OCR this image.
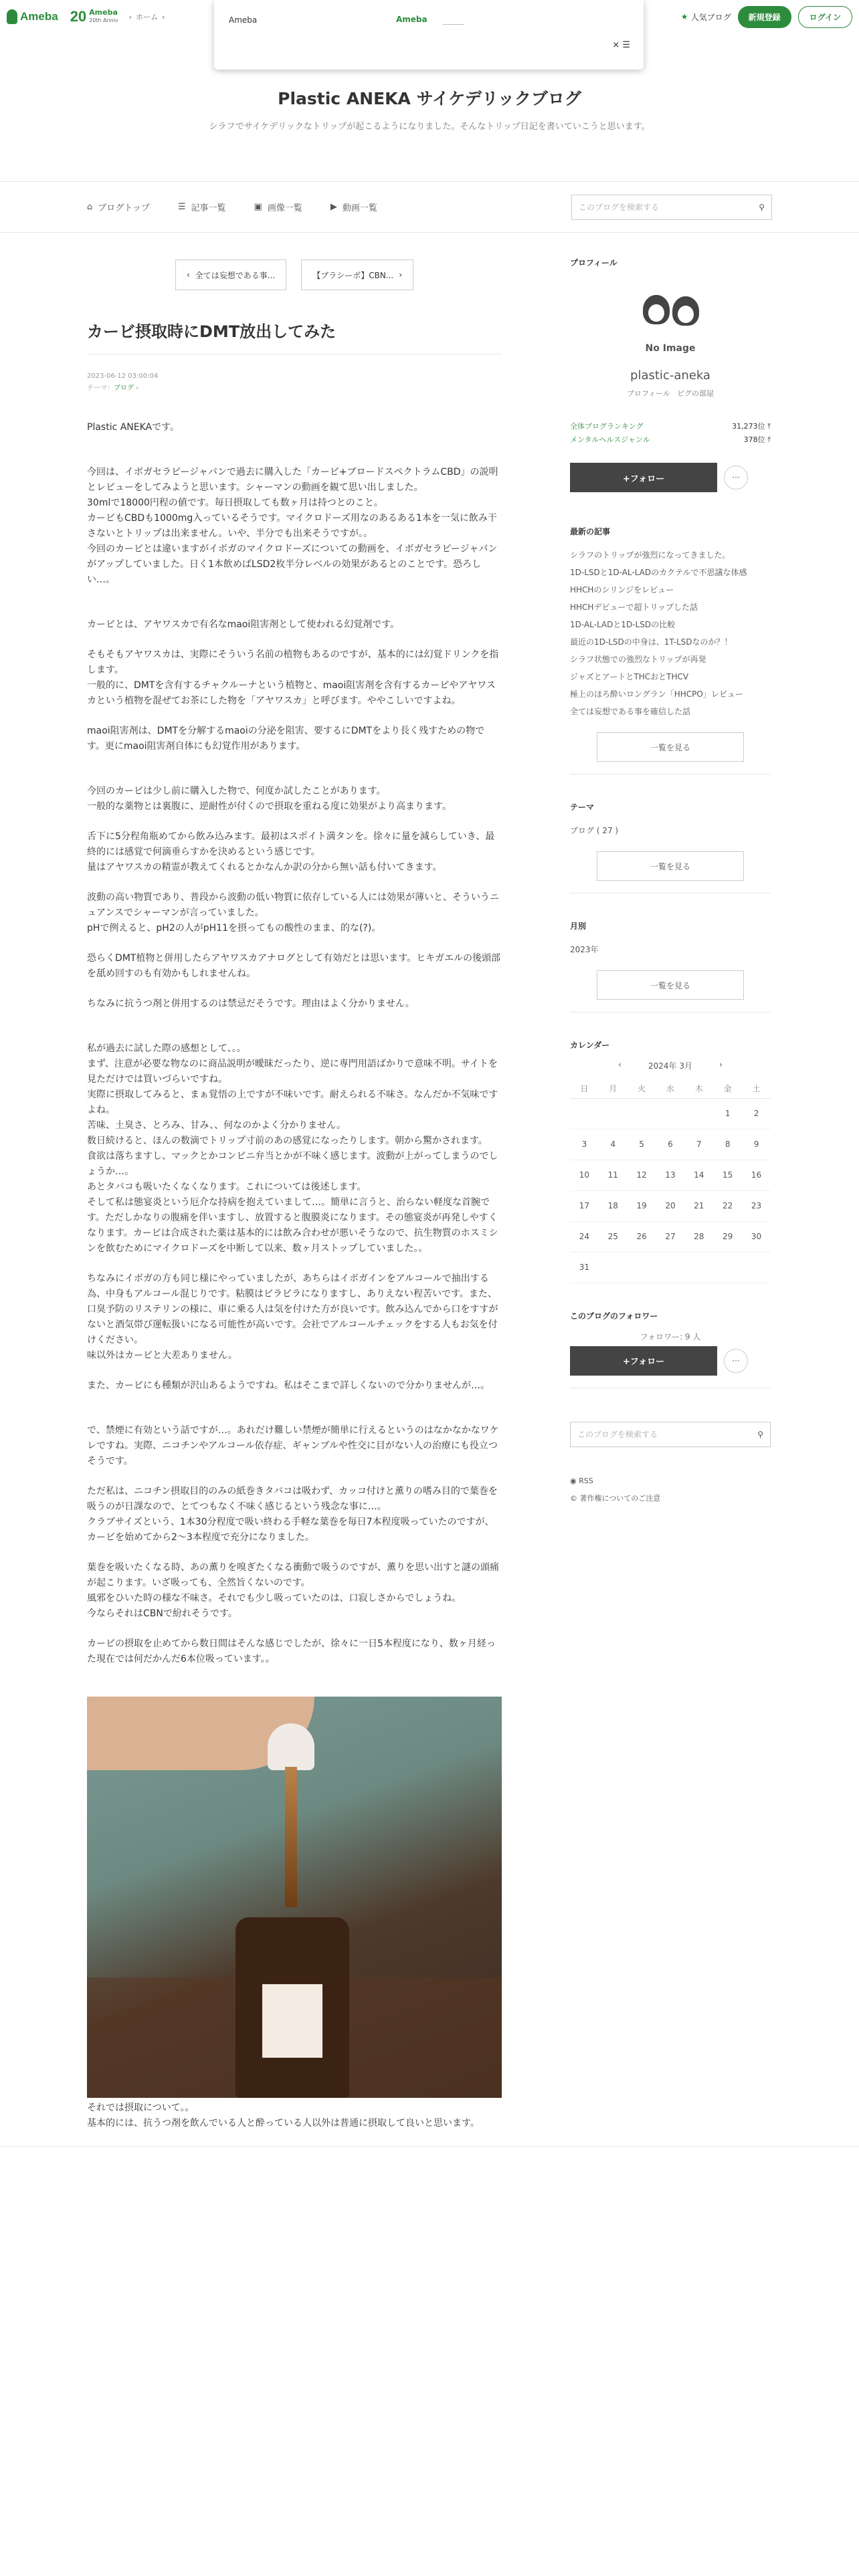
Ameba 20 Ameba
20th Anniv › ホーム ›	★ 人気ブログ	新規登録	ログイン
Ameba	Ameba
× ☰
Plastic ANEKA サイケデリックブログ

シラフでサイケデリックなトリップが起こるようになりました。そんなトリップ日記を書いていこうと思います。

⌂ ブログトップ	☰ 記事一覧	▣ 画像一覧	▶ 動画一覧	このブログを検索する	⚲
‹ 全ては妄想である事...	【ブラシーボ】CBN... ›
カービ摂取時にDMT放出してみた
2023-06-12 03:00:04
テーマ：ブログ ›

Plastic ANEKAです。

今回は、イボガセラピージャパンで過去に購入した「カービ+ブロードスペクトラムCBD」の説明とレビューをしてみようと思います。シャーマンの動画を観て思い出しました。
30mlで18000円程の値です。毎日摂取しても数ヶ月は持つとのこと。
カービもCBDも1000mg入っているそうです。マイクロドーズ用なのあるある1本を一気に飲み干さないとトリップは出来ません。いや、半分でも出来そうですが。。
今回のカービとは違いますがイボガのマイクロドーズについての動画を、イボガセラピージャパンがアップしていました。日く1本飲めばLSD2枚半分レベルの効果があるとのことです。恐ろしい…。

カービとは、アヤワスカで有名なmaoi阻害剤として使われる幻覚剤です。

そもそもアヤワスカは、実際にそういう名前の植物もあるのですが、基本的には幻覚ドリンクを指します。
一般的に、DMTを含有するチャクルーナという植物と、maoi阻害剤を含有するカーピやアヤワスカという植物を混ぜてお茶にした物を「アヤワスカ」と呼びます。ややこしいですよね。

maoi阻害剤は、DMTを分解するmaoiの分泌を阻害、要するにDMTをより長く残すための物です。更にmaoi阻害剤自体にも幻覚作用があります。

今回のカービは少し前に購入した物で、何度か試したことがあります。
一般的な薬物とは裏腹に、逆耐性が付くので摂取を重ねる度に効果がより高まります。

舌下に5分程角瓶めてから飲み込みます。最初はスポイト満タンを。徐々に量を減らしていき、最終的には感覚で何滴垂らすかを決めるという感じです。
量はアヤワスカの精霊が教えてくれるとかなんか訳の分から無い話も付いてきます。

波動の高い物質であり、普段から波動の低い物質に依存している人には効果が薄いと、そういうニュアンスでシャーマンが言っていました。
pHで例えると、pH2の人がpH11を摂ってもの酸性のまま、的な(?)。

恐らくDMT植物と併用したらアヤワスカアナログとして有効だとは思います。ヒキガエルの後頭部を舐め回すのも有効かもしれませんね。

ちなみに抗うつ剤と併用するのは禁忌だそうです。理由はよく分かりません。

私が過去に試した際の感想として、。。
まず、注意が必要な物なのに商品説明が曖昧だったり、逆に専門用語ばかりで意味不明。サイトを見ただけでは買いづらいですね。
実際に摂取してみると、まぁ覚悟の上ですが不味いです。耐えられる不味さ。なんだか不気味ですよね。
苦味、土臭さ、とろみ、甘み、、何なのかよく分かりません。
数日続けると、ほんの数滴でトリップ寸前のあの感覚になったりします。朝から驚かされます。
食欲は落ちますし、マックとかコンビニ弁当とかが不味く感じます。波動が上がってしまうのでしょうか…。
あとタバコも吸いたくなくなります。これについては後述します。
そして私は態宴炎という厄介な持病を抱えていまして…。簡単に言うと、治らない軽度な首腕です。ただしかなりの腹痛を伴いますし、放置すると腹膜炎になります。その態宴炎が再発しやすくなります。カービは合成された薬は基本的には飲み合わせが悪いそうなので、抗生物質のホスミシンを飲むためにマイクロドーズを中断して以来、数ヶ月ストップしていました。。

ちなみにイボガの方も同じ様にやっていましたが、あちらはイボガインをアルコールで抽出する為、中身もアルコール混じりです。粘膜はビラビラになりますし、ありえない程苦いです。また、口臭予防のリステリンの様に、車に乗る人は気を付けた方が良いです。飲み込んでから口をすすがないと酒気帯び運転扱いになる可能性が高いです。会社でアルコールチェックをする人もお気を付けください。
味以外はカービと大差ありません。

また、カービにも種類が沢山あるようですね。私はそこまで詳しくないので分かりませんが…。

で、禁煙に有効という話ですが…。あれだけ難しい禁煙が簡単に行えるというのはなかなかなワケレですね。実際、ニコチンやアルコール依存症、ギャンブルや性交に目がない人の治療にも役立つそうです。

ただ私は、ニコチン摂取目的のみの紙巻きタバコは吸わず、カッコ付けと薫りの嗜み目的で葉巻を吸うのが日課なので、とてつもなく不味く感じるという残念な事に…。
クラブサイズという、1本30分程度で吸い終わる手軽な葉巻を毎日7本程度吸っていたのですが、カービを始めてから2〜3本程度で充分になりました。

葉巻を吸いたくなる時、あの薫りを嗅ぎたくなる衝動で吸うのですが、薫りを思い出すと謎の頭痛が起こります。いざ吸っても、全然旨くないのです。
風邪をひいた時の様な不味さ。それでも少し吸っていたのは、口寂しさからでしょうね。
今ならそれはCBNで紛れそうです。

カービの摂取を止めてから数日間はそんな感じでしたが、徐々に一日5本程度になり、数ヶ月経った現在では何だかんだ6本位吸っています。。

それでは摂取について。。

基本的には、抗うつ剤を飲んでいる人と酔っている人以外は普通に摂取して良いと思います。

プロフィール
No Image
plastic-aneka
プロフィール ピグの部屋
全体ブログランキング	31,273位 ⤒
メンタルヘルスジャンル	378位 ⤒
+フォロー	···
最新の記事
シラフのトリップが強烈になってきました。
1D-LSDと1D-AL-LADのカクテルで不思議な体感
HHCHのシリンジをレビュー
HHCHデビューで超トリップした話
1D-AL-LADと1D-LSDの比較
最近の1D-LSDの中身は、1T-LSDなのか？！
シラフ状態での強烈なトリップが再発
ジャズとアートとTHCおとTHCV
極上のほろ酔いロングラン「HHCPO」レビュー
全ては妄想である事を確信した話
一覧を見る
テーマ
ブログ ( 27 )
一覧を見る
月別
2023年
一覧を見る
カレンダー
‹	2024年 3月	›
日	月	火	水	木	金	土
					1	2
3	4	5	6	7	8	9
10	11	12	13	14	15	16
17	18	19	20	21	22	23
24	25	26	27	28	29	30
31						
このブログのフォロワー
フォロワー: 9 人
+フォロー	···
このブログを検索する	⚲
◉ RSS
© 著作権についてのご注意
